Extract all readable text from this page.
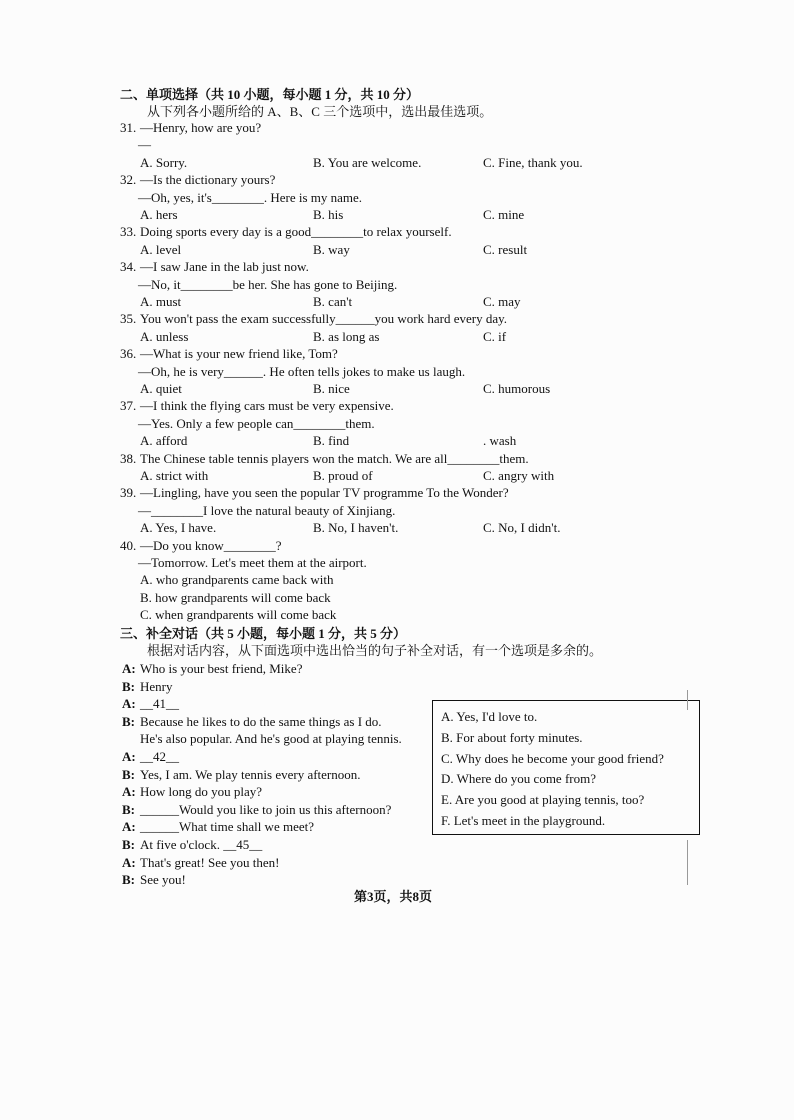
二、单项选择（共 10 小题，每小题 1 分，共 10 分）
从下列各小题所给的 A、B、C 三个选项中，选出最佳选项。
31. —Henry, how are you?
—
A. Sorry.	B. You are welcome.	C. Fine, thank you.
32. —Is the dictionary yours?
—Oh, yes, it's________. Here is my name.
A. hers	B. his	C. mine
33. Doing sports every day is a good________to relax yourself.
A. level	B. way	C. result
34. —I saw Jane in the lab just now.
—No, it________be her. She has gone to Beijing.
A. must	B. can't	C. may
35. You won't pass the exam successfully______you work hard every day.
A. unless	B. as long as	C. if
36. —What is your new friend like, Tom?
—Oh, he is very______. He often tells jokes to make us laugh.
A. quiet	B. nice	C. humorous
37. —I think the flying cars must be very expensive.
—Yes. Only a few people can________them.
A. afford	B. find	. wash
38. The Chinese table tennis players won the match. We are all________them.
A. strict with	B. proud of	C. angry with
39. —Lingling, have you seen the popular TV programme To the Wonder?
—________I love the natural beauty of Xinjiang.
A. Yes, I have.	B. No, I haven't.	C. No, I didn't.
40. —Do you know________?
—Tomorrow. Let's meet them at the airport.
A. who grandparents came back with
B. how grandparents will come back
C. when grandparents will come back
三、补全对话（共 5 小题，每小题 1 分，共 5 分）
根据对话内容，从下面选项中选出恰当的句子补全对话，有一个选项是多余的。
A: Who is your best friend, Mike?
B: Henry
A: __41__
B: Because he likes to do the same things as I do.
He's also popular. And he's good at playing tennis.
A: __42__
B: Yes, I am. We play tennis every afternoon.
A: How long do you play?
B: ______Would you like to join us this afternoon?
A: ______What time shall we meet?
B: At five o'clock. __45__
A: That's great! See you then!
B: See you!
A. Yes, I'd love to.
B. For about forty minutes.
C. Why does he become your good friend?
D. Where do you come from?
E. Are you good at playing tennis, too?
F. Let's meet in the playground.
第3页，共8页
